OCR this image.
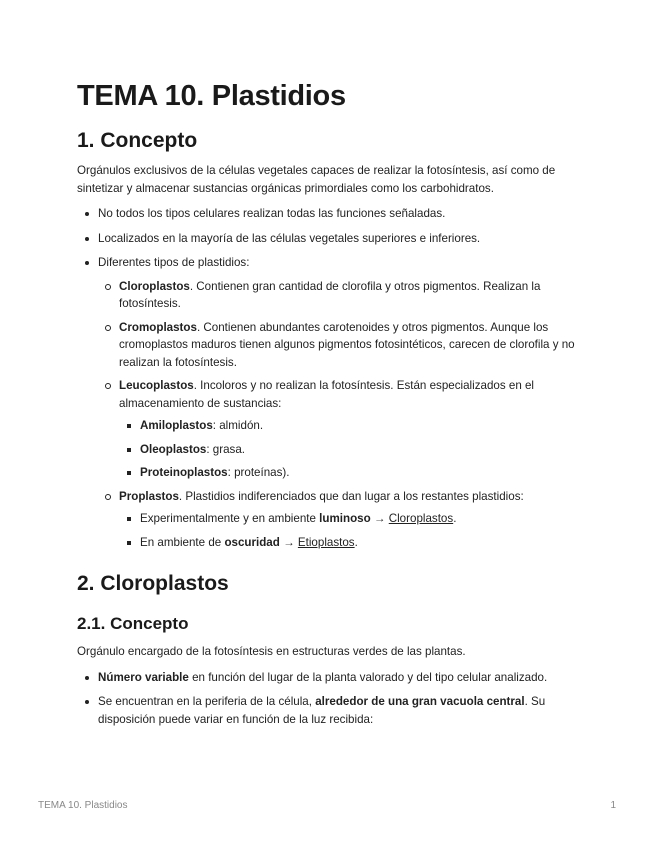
TEMA 10. Plastidios
1. Concepto

Orgánulos exclusivos de la células vegetales capaces de realizar la fotosíntesis, así como de sintetizar y almacenar sustancias orgánicas primordiales como los carbohidratos.

No todos los tipos celulares realizan todas las funciones señaladas.
Localizados en la mayoría de las células vegetales superiores e inferiores.
Diferentes tipos de plastidios:
Cloroplastos. Contienen gran cantidad de clorofila y otros pigmentos. Realizan la fotosíntesis.
Cromoplastos. Contienen abundantes carotenoides y otros pigmentos. Aunque los cromoplastos maduros tienen algunos pigmentos fotosintéticos, carecen de clorofila y no realizan la fotosíntesis.
Leucoplastos. Incoloros y no realizan la fotosíntesis. Están especializados en el almacenamiento de sustancias:
Amiloplastos: almidón.
Oleoplastos: grasa.
Proteinoplastos: proteínas).
Proplastos. Plastidios indiferenciados que dan lugar a los restantes plastidios:
Experimentalmente y en ambiente luminoso → Cloroplastos.
En ambiente de oscuridad → Etioplastos.
2. Cloroplastos
2.1. Concepto

Orgánulo encargado de la fotosíntesis en estructuras verdes de las plantas.

Número variable en función del lugar de la planta valorado y del tipo celular analizado.
Se encuentran en la periferia de la célula, alrededor de una gran vacuola central. Su disposición puede variar en función de la luz recibida:
TEMA 10. Plastidios	1
